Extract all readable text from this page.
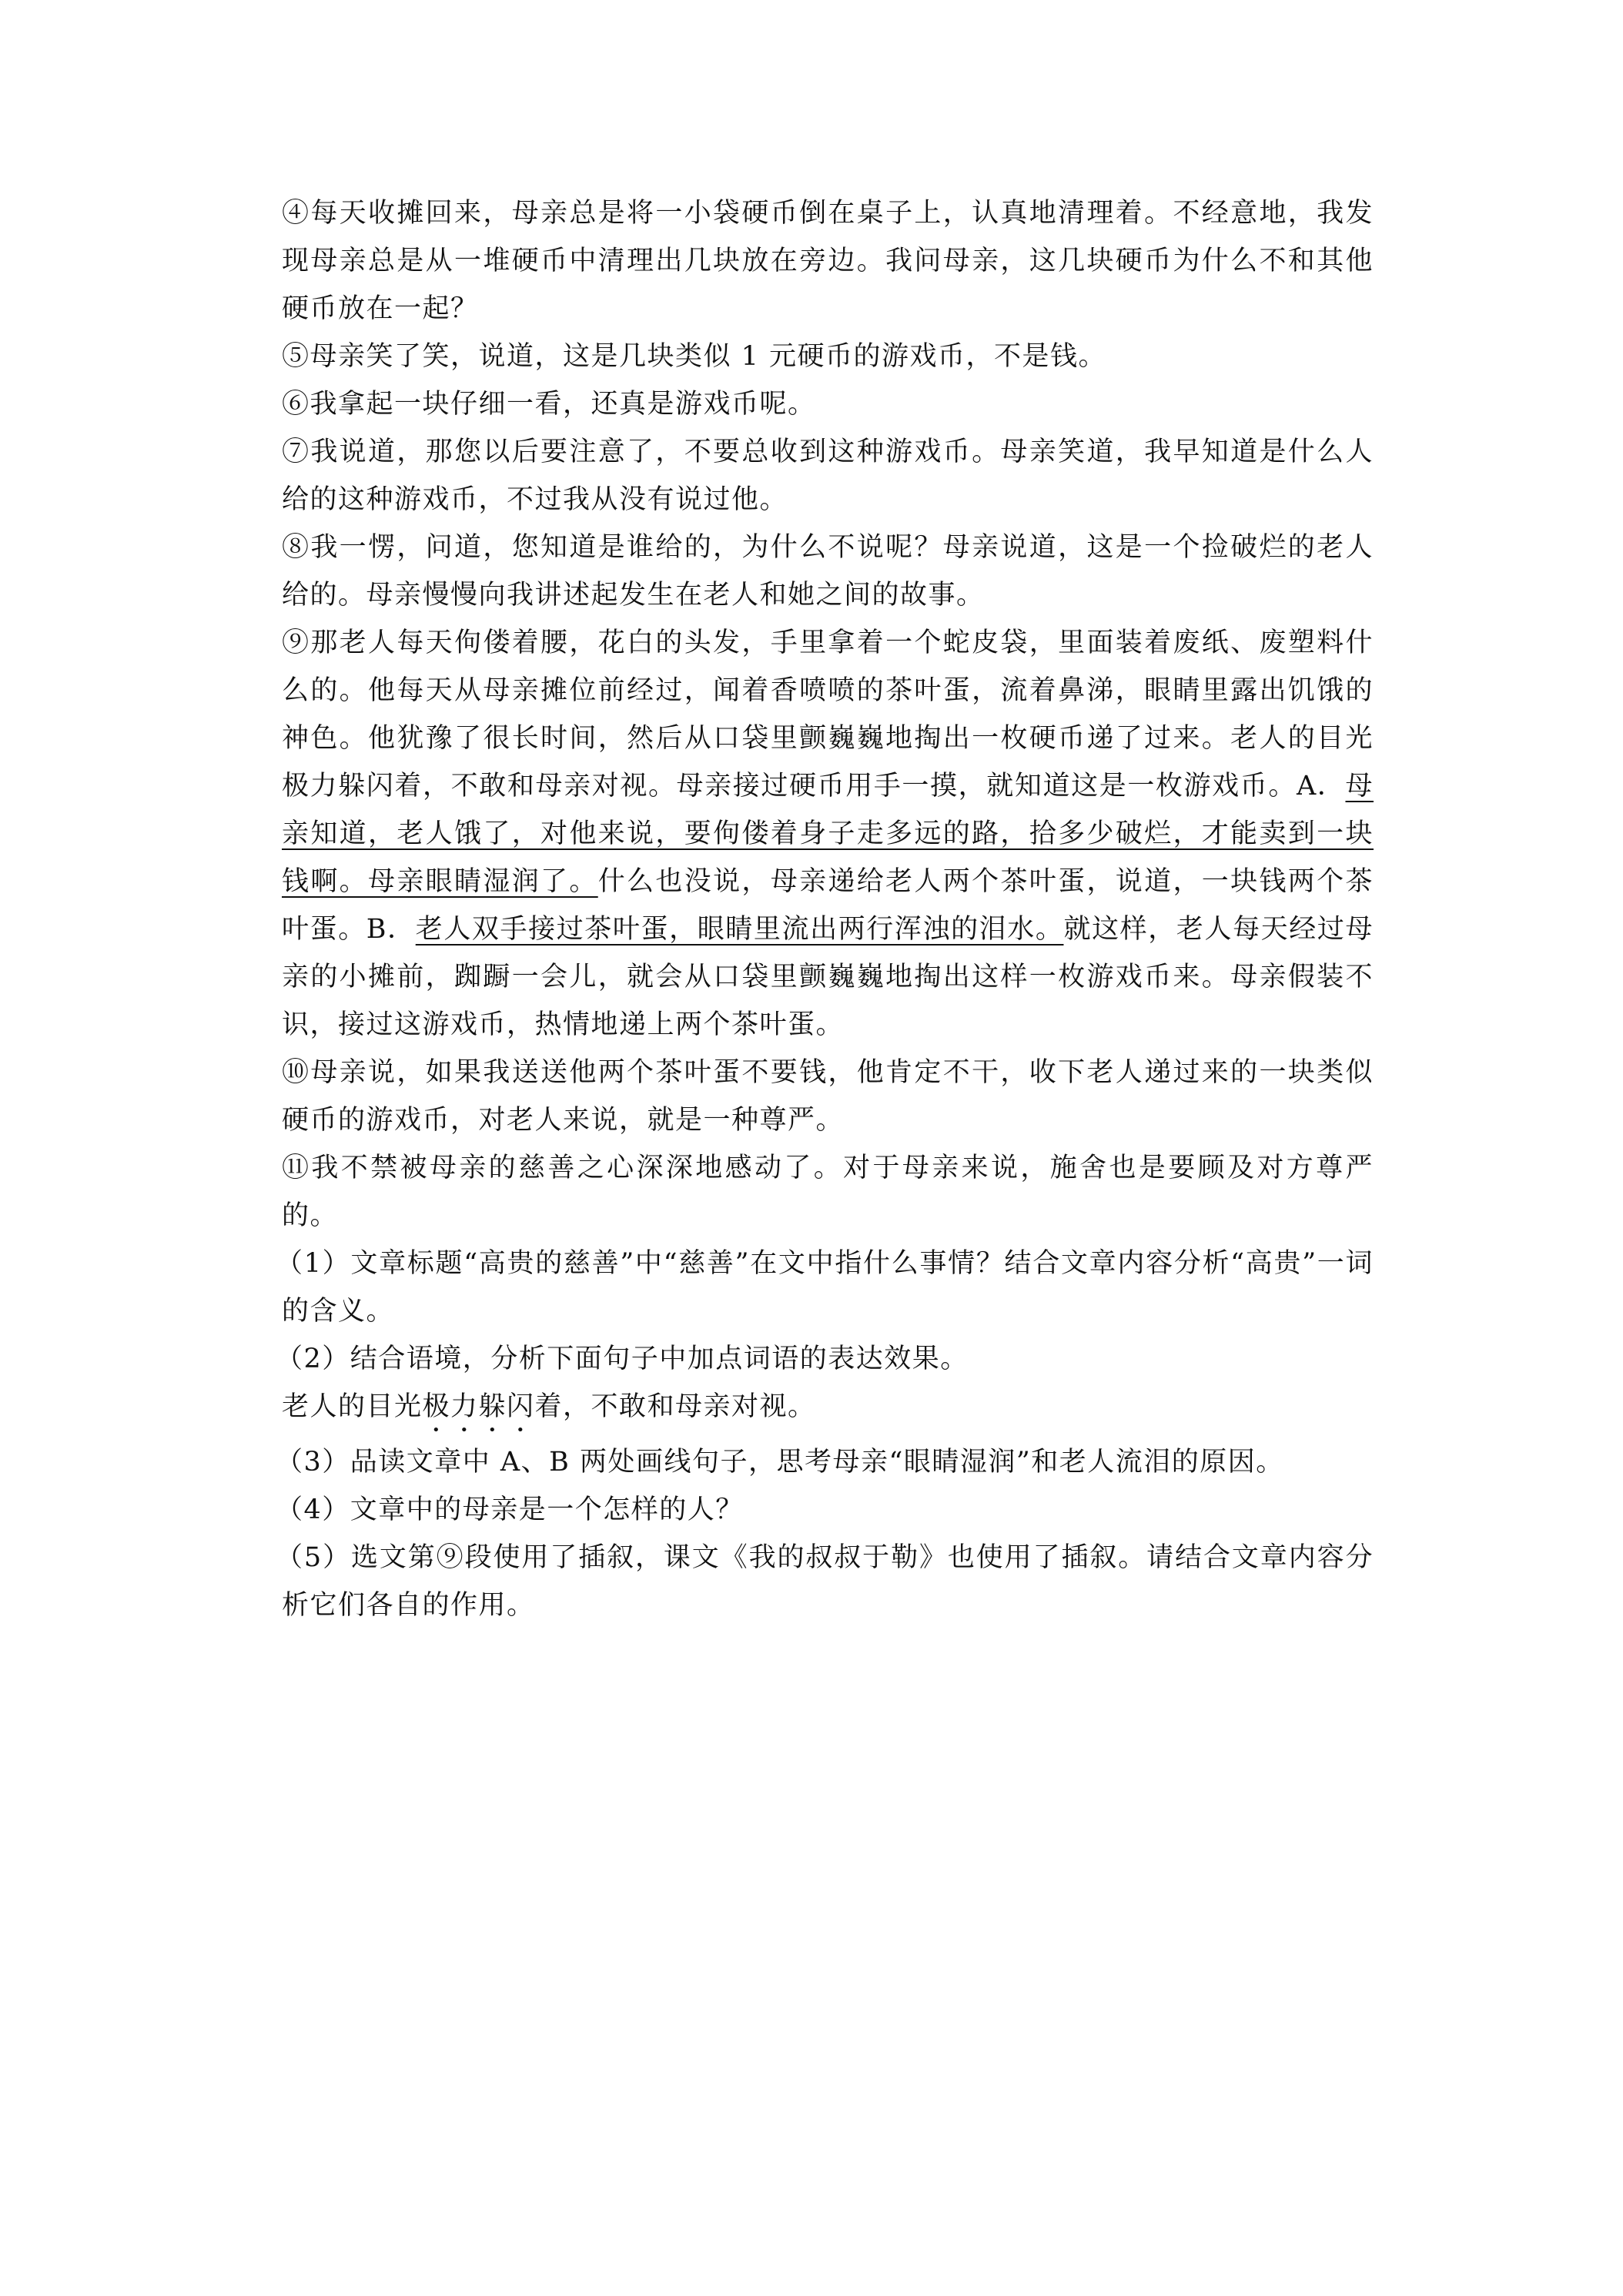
④每天收摊回来，母亲总是将一小袋硬币倒在桌子上，认真地清理着。不经意地，我发现母亲总是从一堆硬币中清理出几块放在旁边。我问母亲，这几块硬币为什么不和其他硬币放在一起？

⑤母亲笑了笑，说道，这是几块类似 1 元硬币的游戏币，不是钱。

⑥我拿起一块仔细一看，还真是游戏币呢。

⑦我说道，那您以后要注意了，不要总收到这种游戏币。母亲笑道，我早知道是什么人给的这种游戏币，不过我从没有说过他。

⑧我一愣，问道，您知道是谁给的，为什么不说呢？母亲说道，这是一个捡破烂的老人给的。母亲慢慢向我讲述起发生在老人和她之间的故事。

⑨那老人每天佝偻着腰，花白的头发，手里拿着一个蛇皮袋，里面装着废纸、废塑料什么的。他每天从母亲摊位前经过，闻着香喷喷的茶叶蛋，流着鼻涕，眼睛里露出饥饿的神色。他犹豫了很长时间，然后从口袋里颤巍巍地掏出一枚硬币递了过来。老人的目光极力躲闪着，不敢和母亲对视。母亲接过硬币用手一摸，就知道这是一枚游戏币。A．母亲知道，老人饿了，对他来说，要佝偻着身子走多远的路，拾多少破烂，才能卖到一块钱啊。母亲眼睛湿润了。什么也没说，母亲递给老人两个茶叶蛋，说道，一块钱两个茶叶蛋。B．老人双手接过茶叶蛋，眼睛里流出两行浑浊的泪水。就这样，老人每天经过母亲的小摊前，踟蹰一会儿，就会从口袋里颤巍巍地掏出这样一枚游戏币来。母亲假装不识，接过这游戏币，热情地递上两个茶叶蛋。

⑩母亲说，如果我送送他两个茶叶蛋不要钱，他肯定不干，收下老人递过来的一块类似硬币的游戏币，对老人来说，就是一种尊严。

⑪我不禁被母亲的慈善之心深深地感动了。对于母亲来说，施舍也是要顾及对方尊严的。

（1）文章标题“高贵的慈善”中“慈善”在文中指什么事情？结合文章内容分析“高贵”一词的含义。

（2）结合语境，分析下面句子中加点词语的表达效果。

老人的目光极力躲闪着，不敢和母亲对视。

（3）品读文章中 A、B 两处画线句子，思考母亲“眼睛湿润”和老人流泪的原因。

（4）文章中的母亲是一个怎样的人？

（5）选文第⑨段使用了插叙，课文《我的叔叔于勒》也使用了插叙。请结合文章内容分析它们各自的作用。
